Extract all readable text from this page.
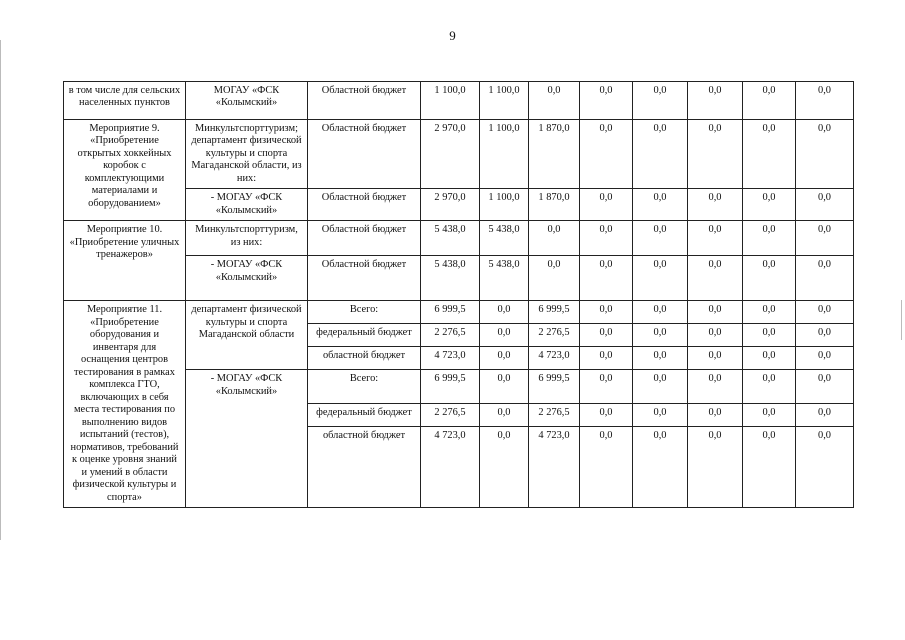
9
в том числе для сельских населенных пунктов	МОГАУ «ФСК «Колымский»	Областной бюджет	1 100,0	1 100,0	0,0	0,0	0,0	0,0	0,0	0,0
Мероприятие 9. «Приобретение открытых хоккейных коробок с комплектующими материалами и оборудованием»	Минкультспорттуризм; департамент физической культуры и спорта Магаданской области, из них:	Областной бюджет	2 970,0	1 100,0	1 870,0	0,0	0,0	0,0	0,0	0,0
	- МОГАУ «ФСК «Колымский»	Областной бюджет	2 970,0	1 100,0	1 870,0	0,0	0,0	0,0	0,0	0,0
Мероприятие 10. «Приобретение уличных тренажеров»	Минкультспорттуризм, из них:	Областной бюджет	5 438,0	5 438,0	0,0	0,0	0,0	0,0	0,0	0,0
	- МОГАУ «ФСК «Колымский»	Областной бюджет	5 438,0	5 438,0	0,0	0,0	0,0	0,0	0,0	0,0
Мероприятие 11. «Приобретение оборудования и инвентаря для оснащения центров тестирования в рамках комплекса ГТО, включающих в себя места тестирования по выполнению видов испытаний (тестов), нормативов, требований к оценке уровня знаний и умений в области физической культуры и спорта»	департамент физической культуры и спорта Магаданской области	Всего:	6 999,5	0,0	6 999,5	0,0	0,0	0,0	0,0	0,0
		федеральный бюджет	2 276,5	0,0	2 276,5	0,0	0,0	0,0	0,0	0,0
		областной бюджет	4 723,0	0,0	4 723,0	0,0	0,0	0,0	0,0	0,0
	- МОГАУ «ФСК «Колымский»	Всего:	6 999,5	0,0	6 999,5	0,0	0,0	0,0	0,0	0,0
		федеральный бюджет	2 276,5	0,0	2 276,5	0,0	0,0	0,0	0,0	0,0
		областной бюджет	4 723,0	0,0	4 723,0	0,0	0,0	0,0	0,0	0,0
